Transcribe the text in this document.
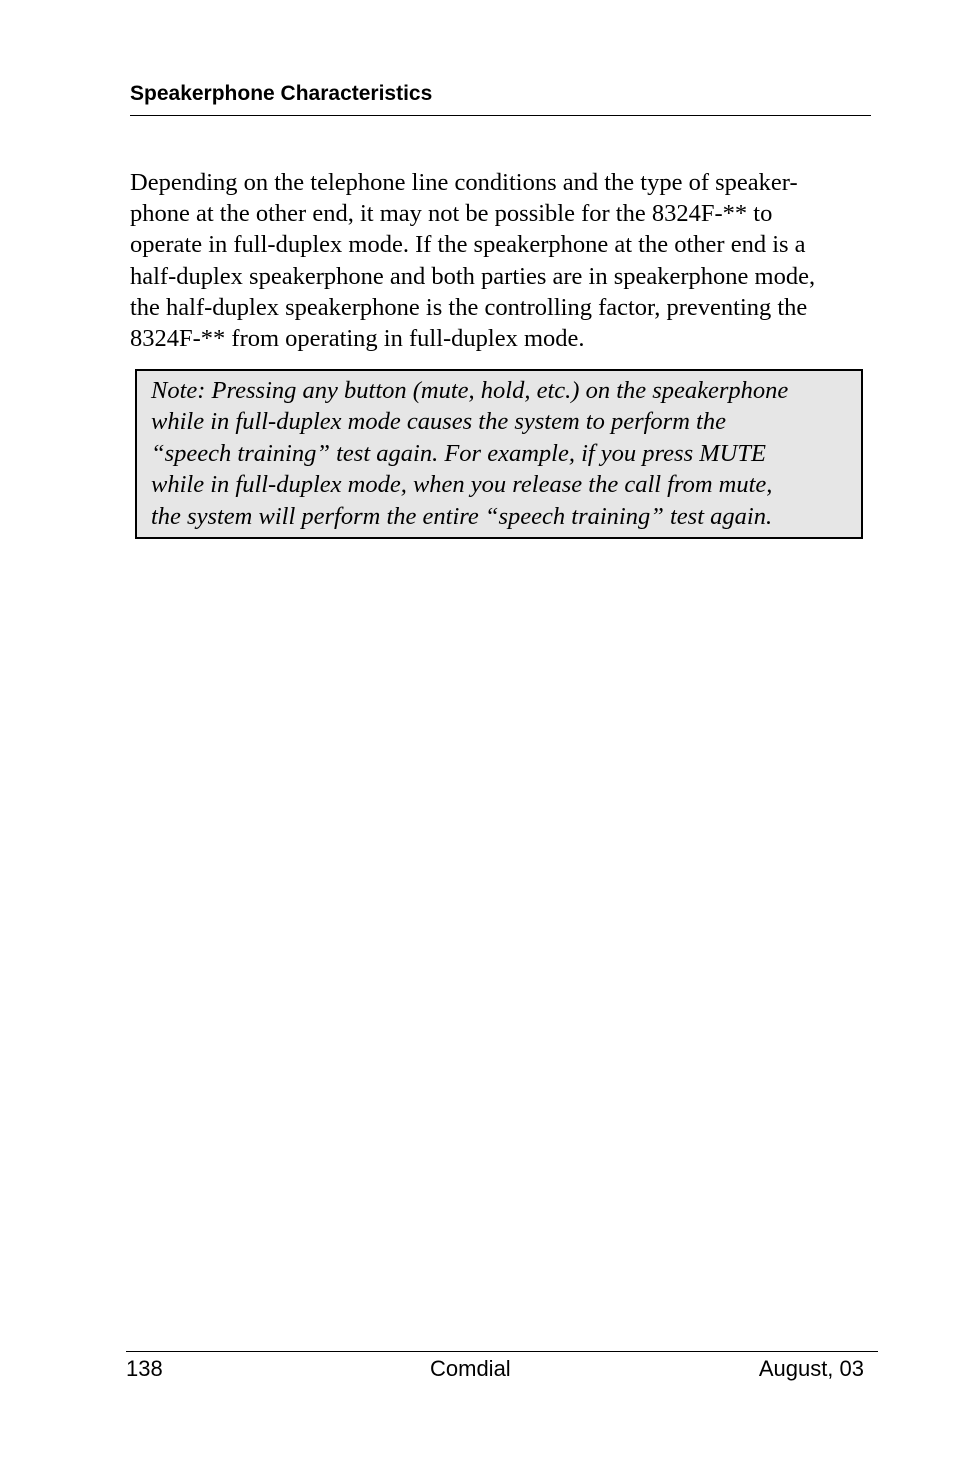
Speakerphone Characteristics

Depending on the telephone line conditions and the type of speaker-
phone at the other end, it may not be possible for the 8324F-** to
operate in full-duplex mode. If the speakerphone at the other end is a
half-duplex speakerphone and both parties are in speakerphone mode,
the half-duplex speakerphone is the controlling factor, preventing the
8324F-** from operating in full-duplex mode.

Note: Pressing any button (mute, hold, etc.) on the speakerphone
while in full-duplex mode causes the system to perform the
“speech training” test again. For example, if you press MUTE
while in full-duplex mode, when you release the call from mute,
the system will perform the entire “speech training” test again.

138	Comdial	August, 03
